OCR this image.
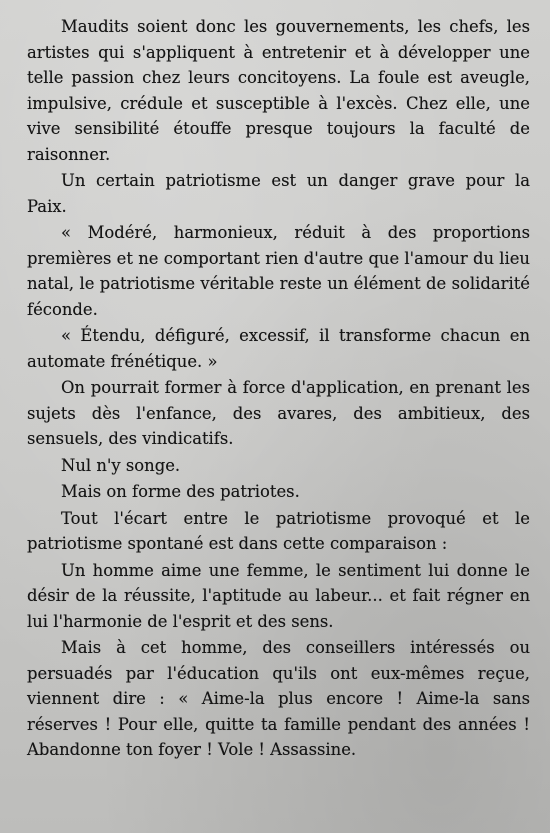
Maudits soient donc les gouvernements, les chefs, les artistes qui s'appliquent à entretenir et à développer une telle passion chez leurs concitoyens. La foule est aveugle, impulsive, crédule et susceptible à l'excès. Chez elle, une vive sensibilité étouffe presque toujours la faculté de raisonner.

Un certain patriotisme est un danger grave pour la Paix.

« Modéré, harmonieux, réduit à des proportions premières et ne comportant rien d'autre que l'amour du lieu natal, le patriotisme véritable reste un élément de solidarité féconde.

« Étendu, défiguré, excessif, il transforme chacun en automate frénétique. »

On pourrait former à force d'application, en prenant les sujets dès l'enfance, des avares, des ambitieux, des sensuels, des vindicatifs.

Nul n'y songe.

Mais on forme des patriotes.

Tout l'écart entre le patriotisme provoqué et le patriotisme spontané est dans cette comparaison :

Un homme aime une femme, le sentiment lui donne le désir de la réussite, l'aptitude au labeur... et fait régner en lui l'harmonie de l'esprit et des sens.

Mais à cet homme, des conseillers intéressés ou persuadés par l'éducation qu'ils ont eux-mêmes reçue, viennent dire : « Aime-la plus encore ! Aime-la sans réserves ! Pour elle, quitte ta famille pendant des années ! Abandonne ton foyer ! Vole ! Assassine.
